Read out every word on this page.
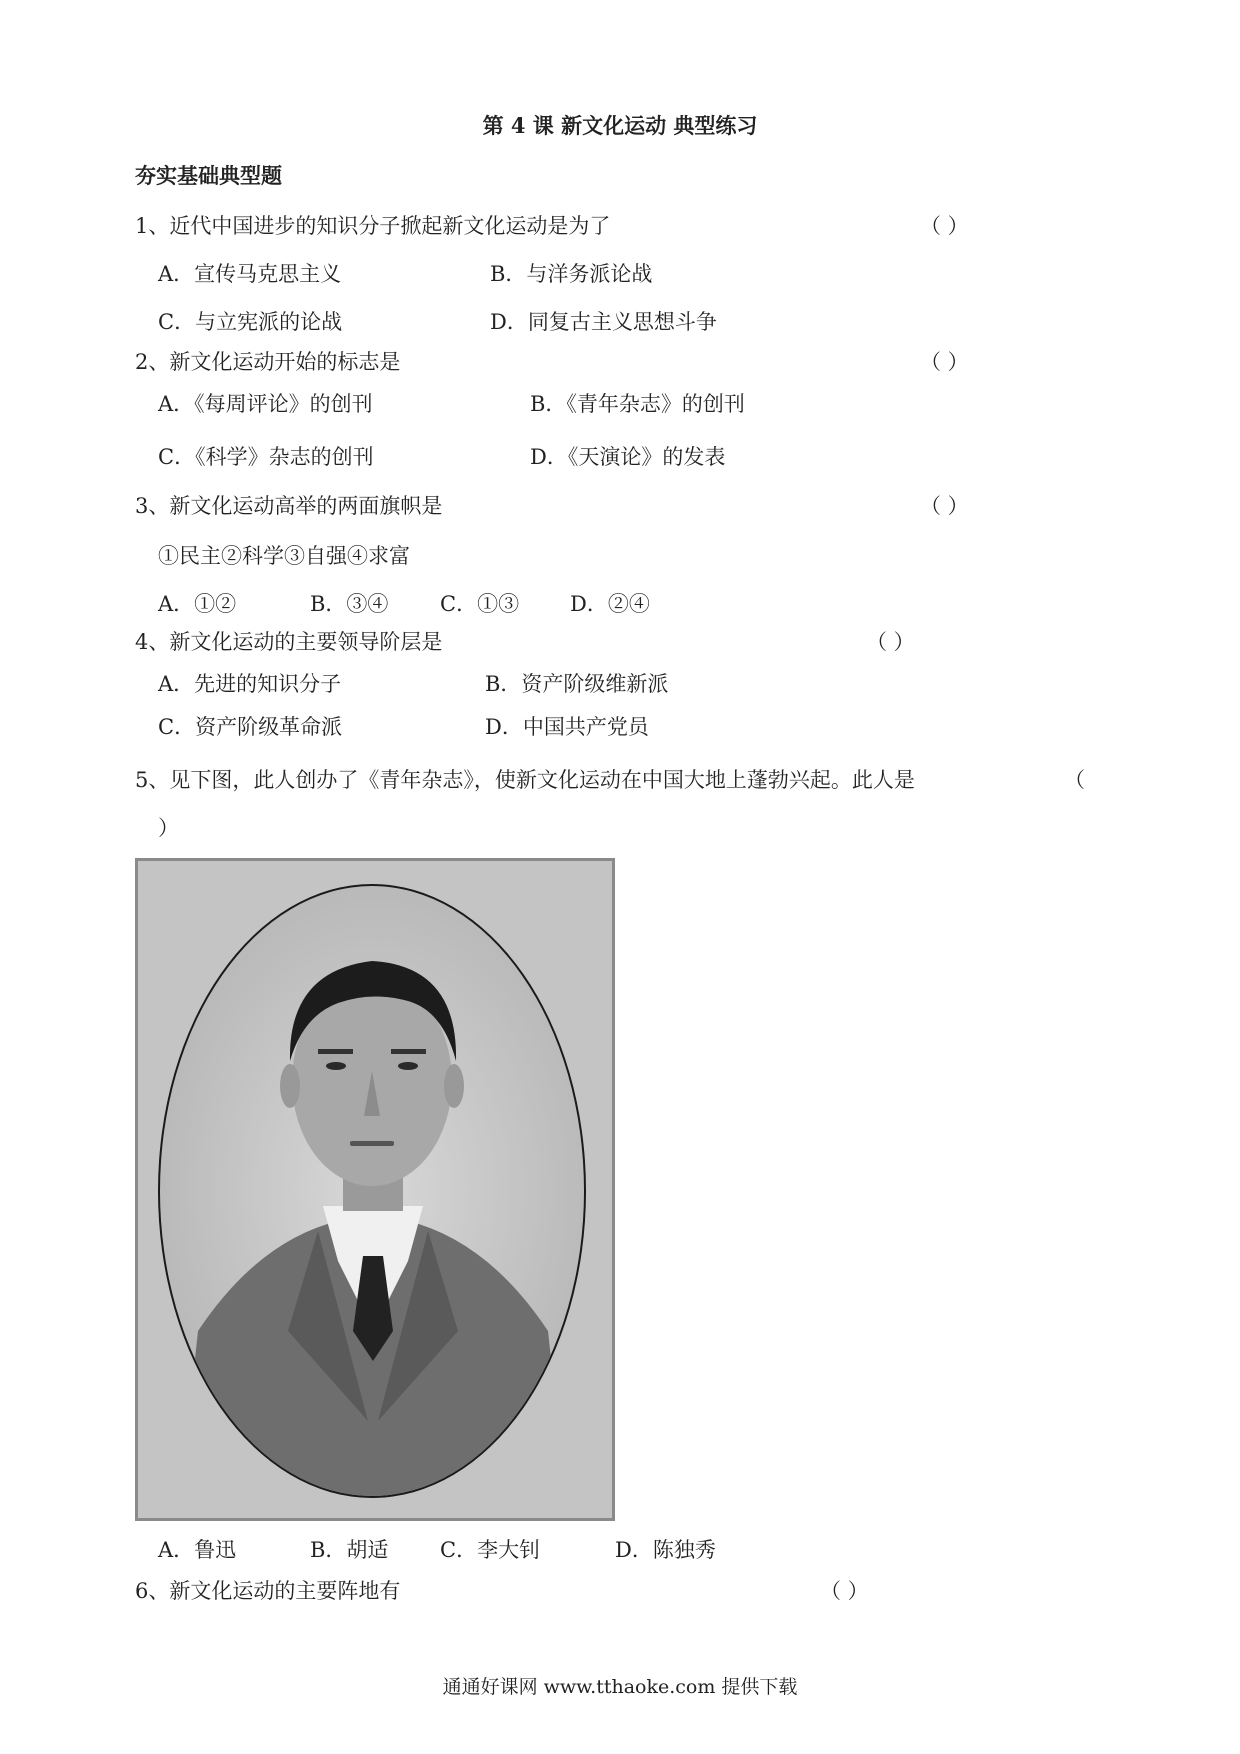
第 4 课 新文化运动 典型练习
夯实基础典型题
1、近代中国进步的知识分子掀起新文化运动是为了	（ ）
A．宣传马克思主义	B．与洋务派论战
C．与立宪派的论战	D．同复古主义思想斗争
2、新文化运动开始的标志是	（ ）
A．《每周评论》的创刊	B．《青年杂志》的创刊
C．《科学》杂志的创刊	D．《天演论》的发表
3、新文化运动高举的两面旗帜是	（ ）
①民主②科学③自强④求富
A．①②	B．③④ C．①③ D．②④
4、新文化运动的主要领导阶层是	（ ）
A．先进的知识分子	B．资产阶级维新派
C．资产阶级革命派	D．中国共产党员
5、见下图，此人创办了《青年杂志》，使新文化运动在中国大地上蓬勃兴起。此人是	（
）
A．鲁迅	B．胡适 C．李大钊	D．陈独秀
6、新文化运动的主要阵地有	（ ）
通通好课网 www.tthaoke.com 提供下载
